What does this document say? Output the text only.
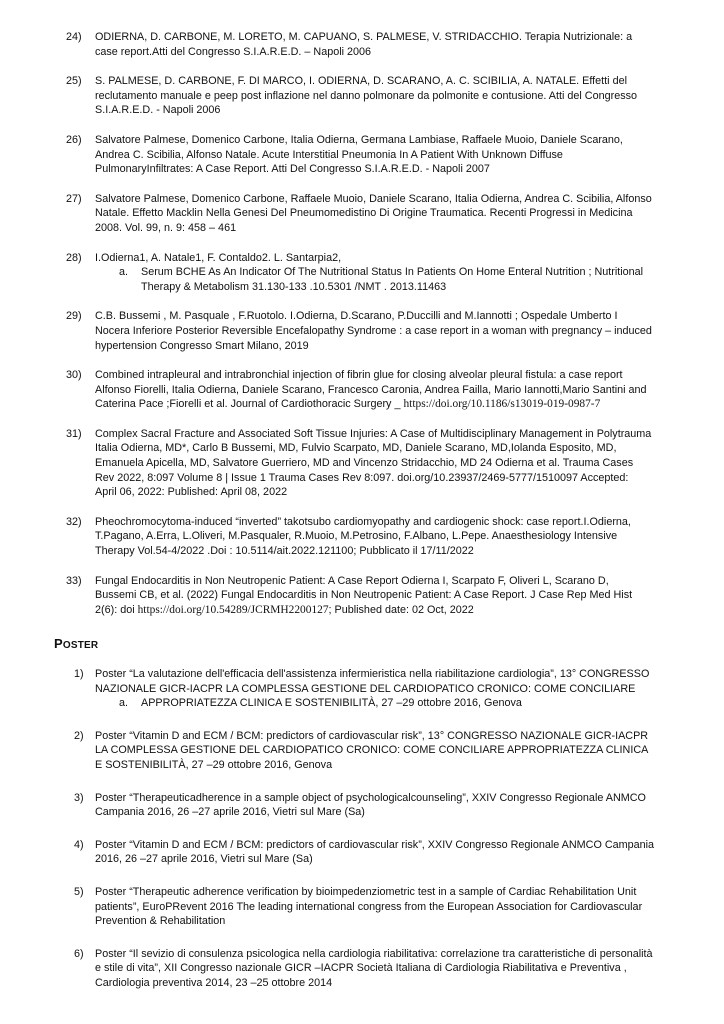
24)	ODIERNA, D. CARBONE, M. LORETO, M. CAPUANO, S. PALMESE, V. STRIDACCHIO. Terapia Nutrizionale: a
case report.Atti del Congresso S.I.A.R.E.D. – Napoli 2006
25)	S. PALMESE, D. CARBONE, F. DI MARCO, I. ODIERNA, D. SCARANO, A. C. SCIBILIA, A. NATALE. Effetti del
reclutamento manuale e peep post inflazione nel danno polmonare da polmonite e contusione. Atti del Congresso
S.I.A.R.E.D. - Napoli 2006
26)	Salvatore Palmese, Domenico Carbone, Italia Odierna, Germana Lambiase, Raffaele Muoio, Daniele Scarano,
Andrea C. Scibilia, Alfonso Natale. Acute Interstitial Pneumonia In A Patient With Unknown Diffuse
PulmonaryInfiltrates: A Case Report. Atti Del Congresso S.I.A.R.E.D. - Napoli 2007
27)	Salvatore Palmese, Domenico Carbone, Raffaele Muoio, Daniele Scarano, Italia Odierna, Andrea C. Scibilia, Alfonso
Natale. Effetto Macklin Nella Genesi Del Pneumomedistino Di Origine Traumatica. Recenti Progressi in Medicina
2008. Vol. 99, n. 9: 458 – 461
28)	I.Odierna1, A. Natale1, F. Contaldo2. L. Santarpia2,
a. Serum BCHE As An Indicator Of The Nutritional Status In Patients On Home Enteral Nutrition ; Nutritional
Therapy & Metabolism 31.130-133 .10.5301 /NMT . 2013.11463
29)	C.B. Bussemi , M. Pasquale , F.Ruotolo. I.Odierna, D.Scarano, P.Duccilli and M.Iannotti ; Ospedale Umberto I
Nocera Inferiore Posterior Reversible Encefalopathy Syndrome : a case report in a woman with pregnancy – induced
hypertension Congresso Smart Milano, 2019
30)	Combined intrapleural and intrabronchial injection of fibrin glue for closing alveolar pleural fistula: a case report
Alfonso Fiorelli, Italia Odierna, Daniele Scarano, Francesco Caronia, Andrea Failla, Mario Iannotti,Mario Santini and
Caterina Pace ;Fiorelli et al. Journal of Cardiothoracic Surgery _ https://doi.org/10.1186/s13019-019-0987-7
31)	Complex Sacral Fracture and Associated Soft Tissue Injuries: A Case of Multidisciplinary Management in Polytrauma
Italia Odierna, MD*, Carlo B Bussemi, MD, Fulvio Scarpato, MD, Daniele Scarano, MD,Iolanda Esposito, MD,
Emanuela Apicella, MD, Salvatore Guerriero, MD and Vincenzo Stridacchio, MD 24 Odierna et al. Trauma Cases
Rev 2022, 8:097 Volume 8 | Issue 1 Trauma Cases Rev 8:097. doi.org/10.23937/2469-5777/1510097 Accepted:
April 06, 2022: Published: April 08, 2022
32)	Pheochromocytoma-induced “inverted” takotsubo cardiomyopathy and cardiogenic shock: case report.I.Odierna,
T.Pagano, A.Erra, L.Oliveri, M.Pasqualer, R.Muoio, M.Petrosino, F.Albano, L.Pepe. Anaesthesiology Intensive
Therapy Vol.54-4/2022 .Doi : 10.5114/ait.2022.121100; Pubblicato il 17/11/2022
33)	Fungal Endocarditis in Non Neutropenic Patient: A Case Report Odierna I, Scarpato F, Oliveri L, Scarano D,
Bussemi CB, et al. (2022) Fungal Endocarditis in Non Neutropenic Patient: A Case Report. J Case Rep Med Hist
2(6): doi https://doi.org/10.54289/JCRMH2200127; Published date: 02 Oct, 2022
POSTER
1)	Poster “La valutazione dell'efficacia dell'assistenza infermieristica nella riabilitazione cardiologia”, 13° CONGRESSO
NAZIONALE GICR-IACPR LA COMPLESSA GESTIONE DEL CARDIOPATICO CRONICO: COME CONCILIARE
a. APPROPRIATEZZA CLINICA E SOSTENIBILITÀ, 27 –29 ottobre 2016, Genova
2)	Poster “Vitamin D and ECM / BCM: predictors of cardiovascular risk”, 13° CONGRESSO NAZIONALE GICR-IACPR
LA COMPLESSA GESTIONE DEL CARDIOPATICO CRONICO: COME CONCILIARE APPROPRIATEZZA CLINICA
E SOSTENIBILITÀ, 27 –29 ottobre 2016, Genova
3)	Poster “Therapeuticadherence in a sample object of psychologicalcounseling”, XXIV Congresso Regionale ANMCO
Campania 2016, 26 –27 aprile 2016, Vietri sul Mare (Sa)
4)	Poster “Vitamin D and ECM / BCM: predictors of cardiovascular risk”, XXIV Congresso Regionale ANMCO Campania
2016, 26 –27 aprile 2016, Vietri sul Mare (Sa)
5)	Poster “Therapeutic adherence verification by bioimpedenziometric test in a sample of Cardiac Rehabilitation Unit
patients”, EuroPRevent 2016 The leading international congress from the European Association for Cardiovascular
Prevention & Rehabilitation
6)	Poster “Il sevizio di consulenza psicologica nella cardiologia riabilitativa: correlazione tra caratteristiche di personalità
e stile di vita”, XII Congresso nazionale GICR –IACPR Società Italiana di Cardiologia Riabilitativa e Preventiva ,
Cardiologia preventiva 2014, 23 –25 ottobre 2014
